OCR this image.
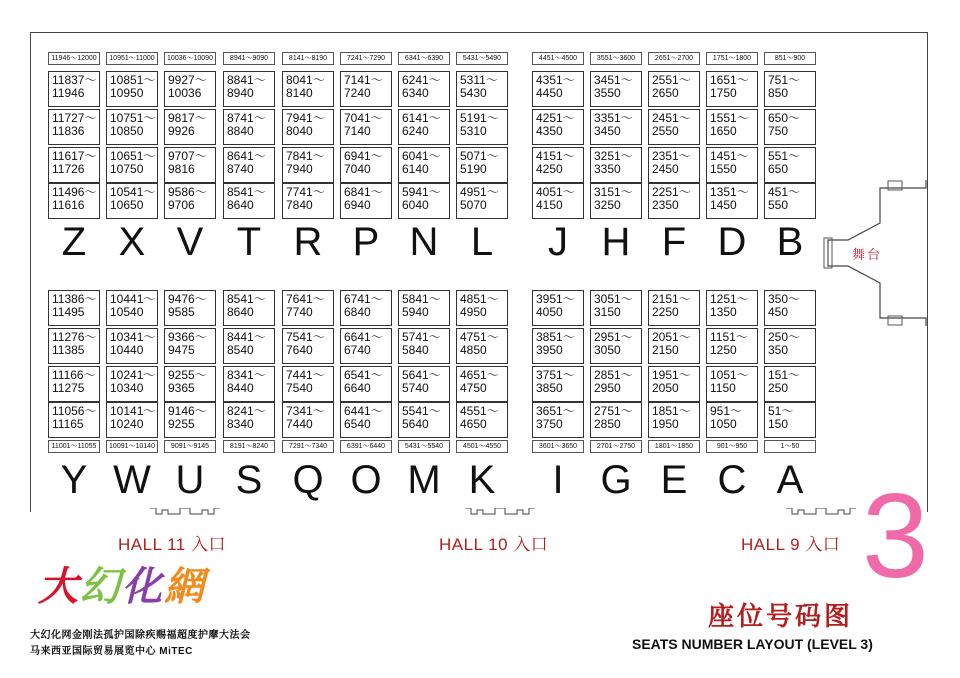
11946～12000
11837～
11946
11727～
11836
11617～
11726
11496～
11616
Z
11386～
11495
11276～
11385
11166～
11275
11056～
11165
11001～11055
Y
10951～11000
10851～
10950
10751～
10850
10651～
10750
10541～
10650
X
10441～
10540
10341～
10440
10241～
10340
10141～
10240
10091～10140
W
10036～10090
9927～
10036
9817～
9926
9707～
9816
9586～
9706
V
9476～
9585
9366～
9475
9255～
9365
9146～
9255
9091～9145
U
8941～9090
8841～
8940
8741～
8840
8641～
8740
8541～
8640
T
8541～
8640
8441～
8540
8341～
8440
8241～
8340
8191～8240
S
8141～8190
8041～
8140
7941～
8040
7841～
7940
7741～
7840
R
7641～
7740
7541～
7640
7441～
7540
7341～
7440
7291～7340
Q
7241～7290
7141～
7240
7041～
7140
6941～
7040
6841～
6940
P
6741～
6840
6641～
6740
6541～
6640
6441～
6540
6391～6440
O
6341～6390
6241～
6340
6141～
6240
6041～
6140
5941～
6040
N
5841～
5940
5741～
5840
5641～
5740
5541～
5640
5431～5540
M
5431～5490
5311～
5430
5191～
5310
5071～
5190
4951～
5070
L
4851～
4950
4751～
4850
4651～
4750
4551～
4650
4501～4550
K
4451～4500
4351～
4450
4251～
4350
4151～
4250
4051～
4150
J
3951～
4050
3851～
3950
3751～
3850
3651～
3750
3601～3650
I
3551～3600
3451～
3550
3351～
3450
3251～
3350
3151～
3250
H
3051～
3150
2951～
3050
2851～
2950
2751～
2850
2701～2750
G
2651～2700
2551～
2650
2451～
2550
2351～
2450
2251～
2350
F
2151～
2250
2051～
2150
1951～
2050
1851～
1950
1801～1850
E
1751～1800
1651～
1750
1551～
1650
1451～
1550
1351～
1450
D
1251～
1350
1151～
1250
1051～
1150
951～
1050
901～950
C
851～900
751～
850
650～
750
551～
650
451～
550
B
350～
450
250～
350
151～
250
51～
150
1～50
A
舞台
HALL 11 入口	HALL 10 入口	HALL 9 入口 3
大幻化網
大幻化网金刚法孤护国除疾赐福超度护摩大法会
马来西亚国际贸易展览中心 MiTEC
座位号码图
SEATS NUMBER LAYOUT (LEVEL 3)
